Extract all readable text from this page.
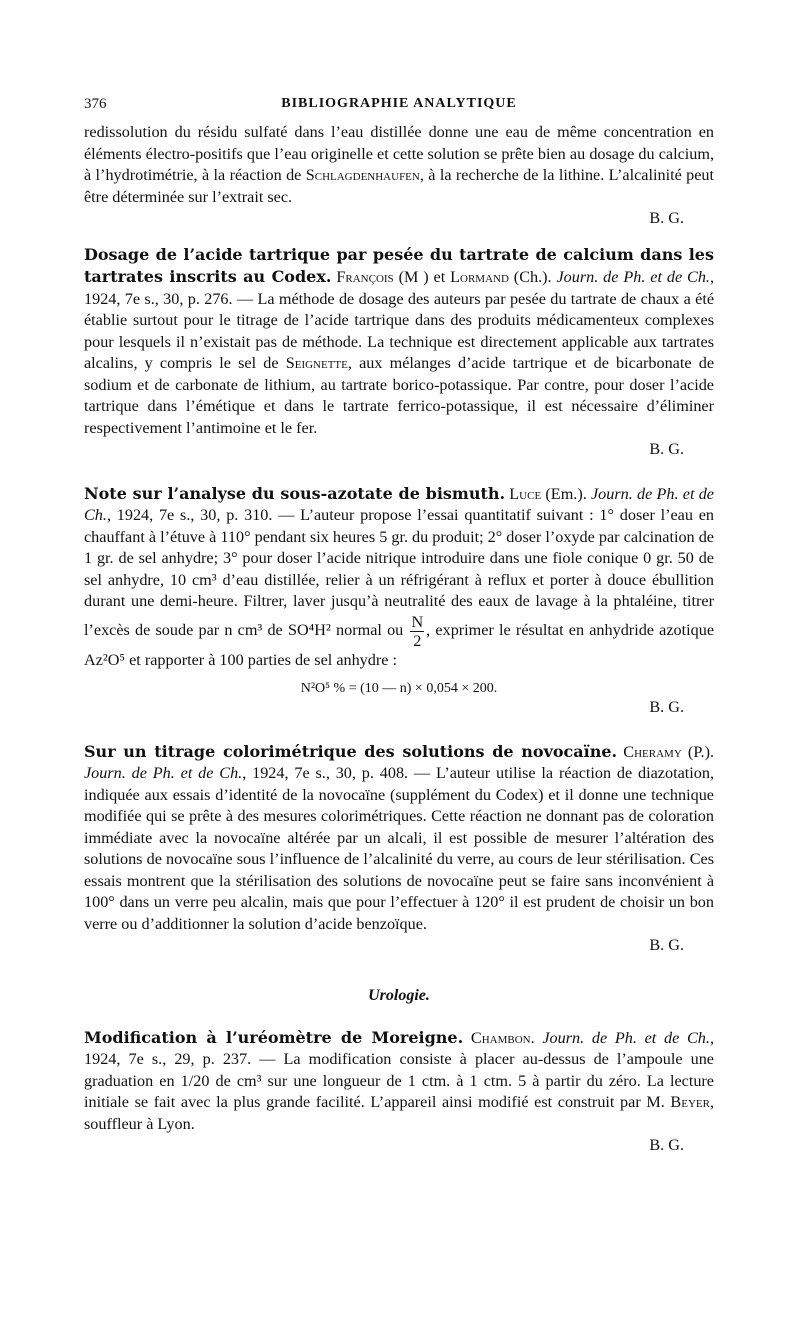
376	BIBLIOGRAPHIE ANALYTIQUE

redissolution du résidu sulfaté dans l’eau distillée donne une eau de même concentration en éléments électro-positifs que l’eau originelle et cette solution se prête bien au dosage du calcium, à l’hydrotimétrie, à la réaction de Schlagdenhaufen, à la recherche de la lithine. L’alcalinité peut être déterminée sur l’extrait sec.

B. G.

Dosage de l’acide tartrique par pesée du tartrate de calcium dans les tartrates inscrits au Codex. François (M ) et Lormand (Ch.). Journ. de Ph. et de Ch., 1924, 7e s., 30, p. 276. — La méthode de dosage des auteurs par pesée du tartrate de chaux a été établie surtout pour le titrage de l’acide tartrique dans des produits médicamenteux complexes pour lesquels il n’existait pas de méthode. La technique est directement applicable aux tartrates alcalins, y compris le sel de Seignette, aux mélanges d’acide tartrique et de bicarbonate de sodium et de carbonate de lithium, au tartrate borico-potassique. Par contre, pour doser l’acide tartrique dans l’émétique et dans le tartrate ferrico-potassique, il est nécessaire d’éliminer respectivement l’antimoine et le fer.

B. G.

Note sur l’analyse du sous-azotate de bismuth. Luce (Em.). Journ. de Ph. et de Ch., 1924, 7e s., 30, p. 310. — L’auteur propose l’essai quantitatif suivant : 1° doser l’eau en chauffant à l’étuve à 110° pendant six heures 5 gr. du produit; 2° doser l’oxyde par calcination de 1 gr. de sel anhydre; 3° pour doser l’acide nitrique introduire dans une fiole conique 0 gr. 50 de sel anhydre, 10 cm³ d’eau distillée, relier à un réfrigérant à reflux et porter à douce ébullition durant une demi-heure. Filtrer, laver jusqu’à neutralité des eaux de lavage à la phtaléine, titrer l’excès de soude par n cm³ de SO⁴H² normal ou $\frac{N}{2}$ , exprimer le résultat en anhydride azotique Az²O⁵ et rapporter à 100 parties de sel anhydre :

N²O⁵ % = (10 — n) × 0,054 × 200.

B. G.

Sur un titrage colorimétrique des solutions de novocaïne. Cheramy (P.). Journ. de Ph. et de Ch., 1924, 7e s., 30, p. 408. — L’auteur utilise la réaction de diazotation, indiquée aux essais d’identité de la novocaïne (supplément du Codex) et il donne une technique modifiée qui se prête à des mesures colorimétriques. Cette réaction ne donnant pas de coloration immédiate avec la novocaïne altérée par un alcali, il est possible de mesurer l’altération des solutions de novocaïne sous l’influence de l’alcalinité du verre, au cours de leur stérilisation. Ces essais montrent que la stérilisation des solutions de novocaïne peut se faire sans inconvénient à 100° dans un verre peu alcalin, mais que pour l’effectuer à 120° il est prudent de choisir un bon verre ou d’additionner la solution d’acide benzoïque.

B. G.

Urologie.

Modification à l’uréomètre de Moreigne. Chambon. Journ. de Ph. et de Ch., 1924, 7e s., 29, p. 237. — La modification consiste à placer au-dessus de l’ampoule une graduation en 1/20 de cm³ sur une longueur de 1 ctm. à 1 ctm. 5 à partir du zéro. La lecture initiale se fait avec la plus grande facilité. L’appareil ainsi modifié est construit par M. Beyer, souffleur à Lyon.

B. G.
